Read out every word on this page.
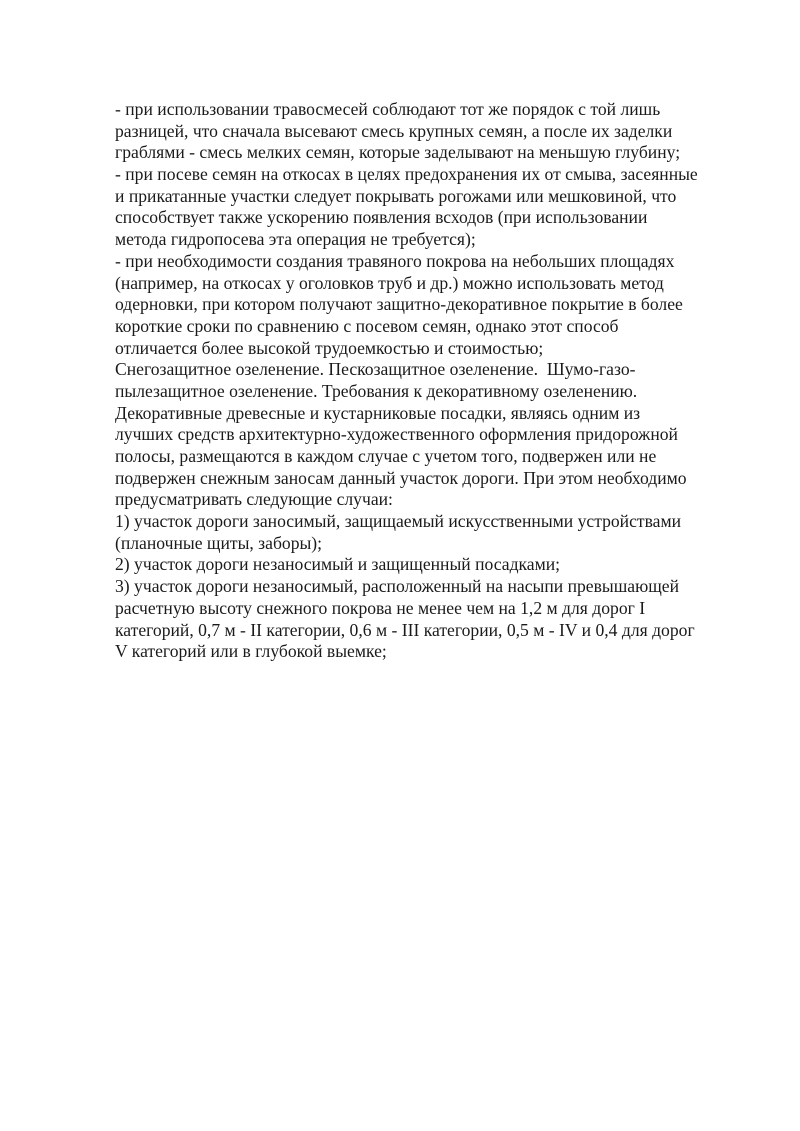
- при использовании травосмесей соблюдают тот же порядок с той лишь
разницей, что сначала высевают смесь крупных семян, а после их заделки
граблями - смесь мелких семян, которые заделывают на меньшую глубину;
- при посеве семян на откосах в целях предохранения их от смыва, засеянные
и прикатанные участки следует покрывать рогожами или мешковиной, что
способствует также ускорению появления всходов (при использовании
метода гидропосева эта операция не требуется);
- при необходимости создания травяного покрова на небольших площадях
(например, на откосах у оголовков труб и др.) можно использовать метод
одерновки, при котором получают защитно-декоративное покрытие в более
короткие сроки по сравнению с посевом семян, однако этот способ
отличается более высокой трудоемкостью и стоимостью;
Снегозащитное озеленение. Пескозащитное озеленение.  Шумо-газо-
пылезащитное озеленение. Требования к декоративному озеленению.
Декоративные древесные и кустарниковые посадки, являясь одним из
лучших средств архитектурно-художественного оформления придорожной
полосы, размещаются в каждом случае с учетом того, подвержен или не
подвержен снежным заносам данный участок дороги. При этом необходимо
предусматривать следующие случаи:
1) участок дороги заносимый, защищаемый искусственными устройствами
(планочные щиты, заборы);
2) участок дороги незаносимый и защищенный посадками;
3) участок дороги незаносимый, расположенный на насыпи превышающей
расчетную высоту снежного покрова не менее чем на 1,2 м для дорог I
категорий, 0,7 м - II категории, 0,6 м - III категории, 0,5 м - IV и 0,4 для дорог
V категорий или в глубокой выемке;
